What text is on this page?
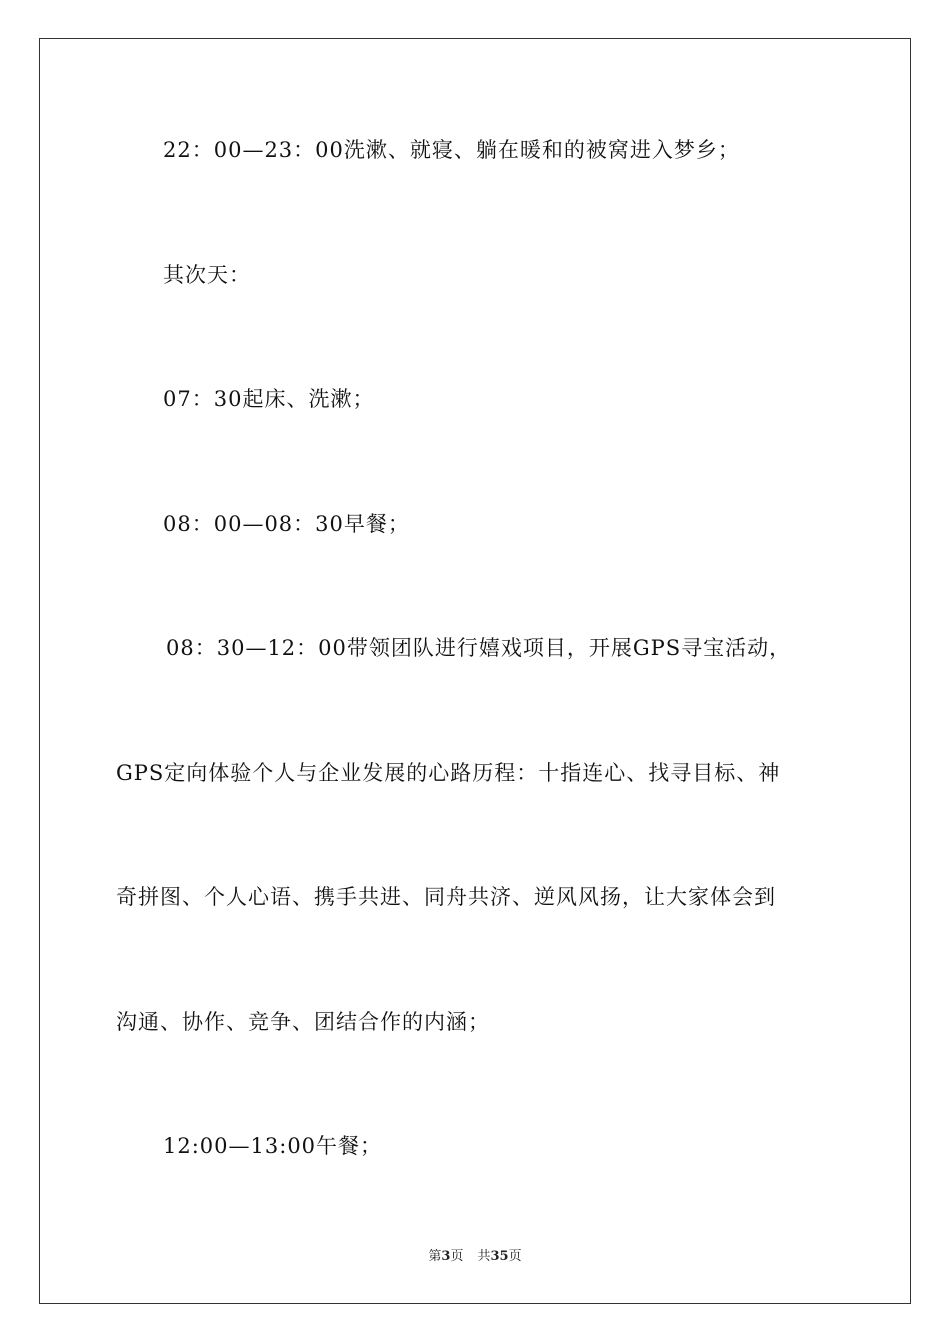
22：00—23：00洗漱、就寝、躺在暖和的被窝进入梦乡；
其次天：
07：30起床、洗漱；
08：00—08：30早餐；
08：30—12：00带领团队进行嬉戏项目，开展GPS寻宝活动，
GPS定向体验个人与企业发展的心路历程：十指连心、找寻目标、神
奇拼图、个人心语、携手共进、同舟共济、逆风风扬，让大家体会到
沟通、协作、竞争、团结合作的内涵；
12:00—13:00午餐；
第3页 共35页
